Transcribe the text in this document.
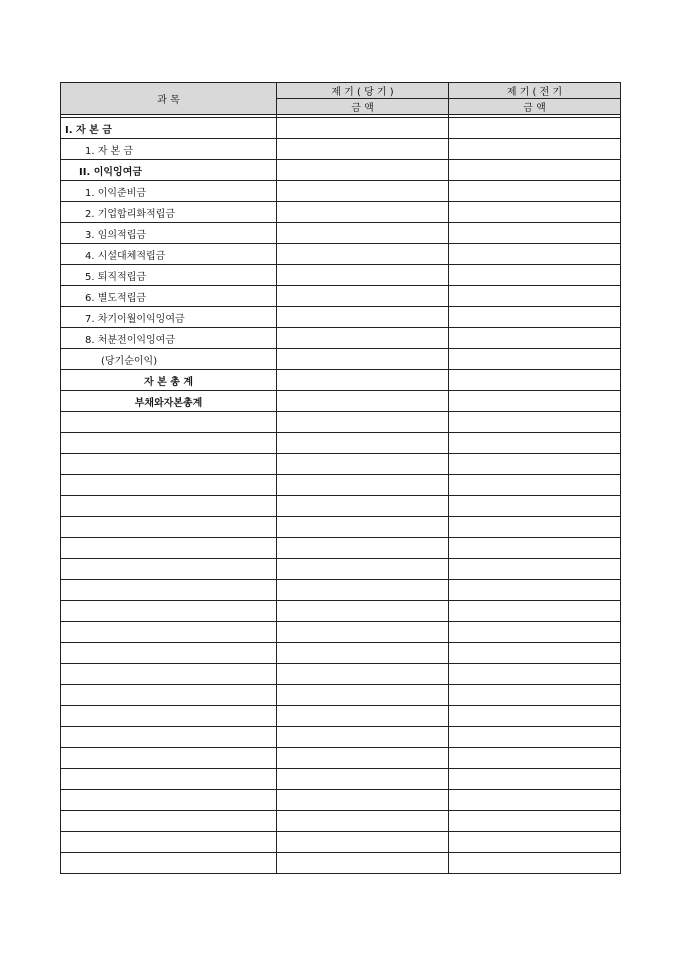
과 목	제 기 ( 당 기 )	제 기 ( 전 기
	금 액	금 액

I. 자 본 금		
1. 자 본 금		
II. 이익잉여금		
1. 이익준비금		
2. 기업합리화적립금		
3. 임의적립금		
4. 시설대체적립금		
5. 퇴직적립금		
6. 별도적립금		
7. 차기이월이익잉여금		
8. 처분전이익잉여금		
(당기순이익)		
자 본 총 계		
부채와자본총계		
